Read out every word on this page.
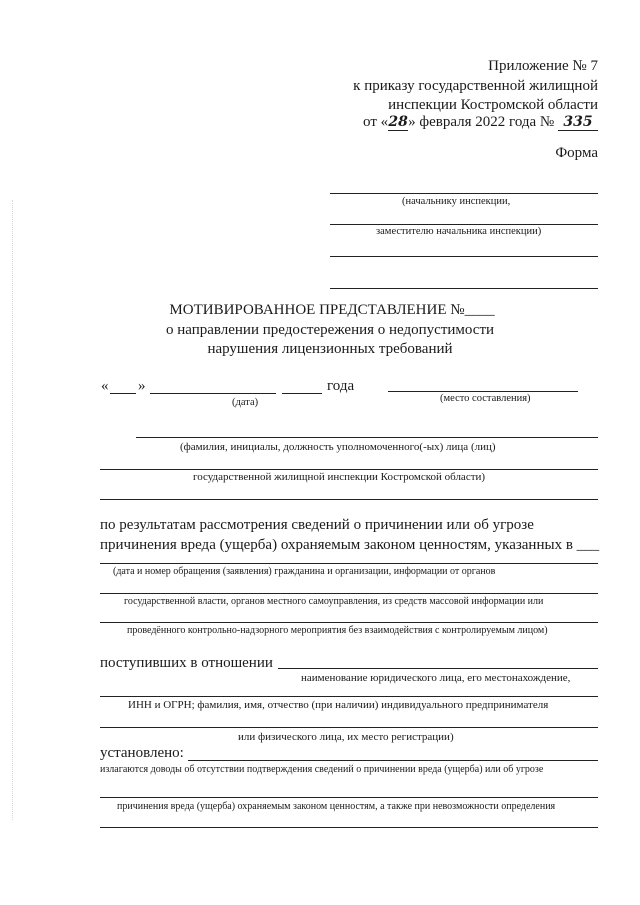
Приложение № 7
к приказу государственной жилищной
инспекции Костромской области
от «28» февраля 2022 года № 335
Форма
(начальнику инспекции,
заместителю начальника инспекции)
МОТИВИРОВАННОЕ ПРЕДСТАВЛЕНИЕ №____
о направлении предостережения о недопустимости
нарушения лицензионных требований
« »	года
(дата)	(место составления)
(фамилия, инициалы, должность уполномоченного(-ых) лица (лиц)
государственной жилищной инспекции Костромской области)
по результатам рассмотрения сведений о причинении или об угрозе
причинения вреда (ущерба) охраняемым законом ценностям, указанных в ___
(дата и номер обращения (заявления) гражданина и организации, информации от органов
государственной власти, органов местного самоуправления, из средств массовой информации или
проведённого контрольно-надзорного мероприятия без взаимодействия с контролируемым лицом)
поступивших в отношении
наименование юридического лица, его местонахождение,
ИНН и ОГРН; фамилия, имя, отчество (при наличии) индивидуального предпринимателя
или физического лица, их место регистрации)
установлено:
излагаются доводы об отсутствии подтверждения сведений о причинении вреда (ущерба) или об угрозе
причинения вреда (ущерба) охраняемым законом ценностям, а также при невозможности определения
